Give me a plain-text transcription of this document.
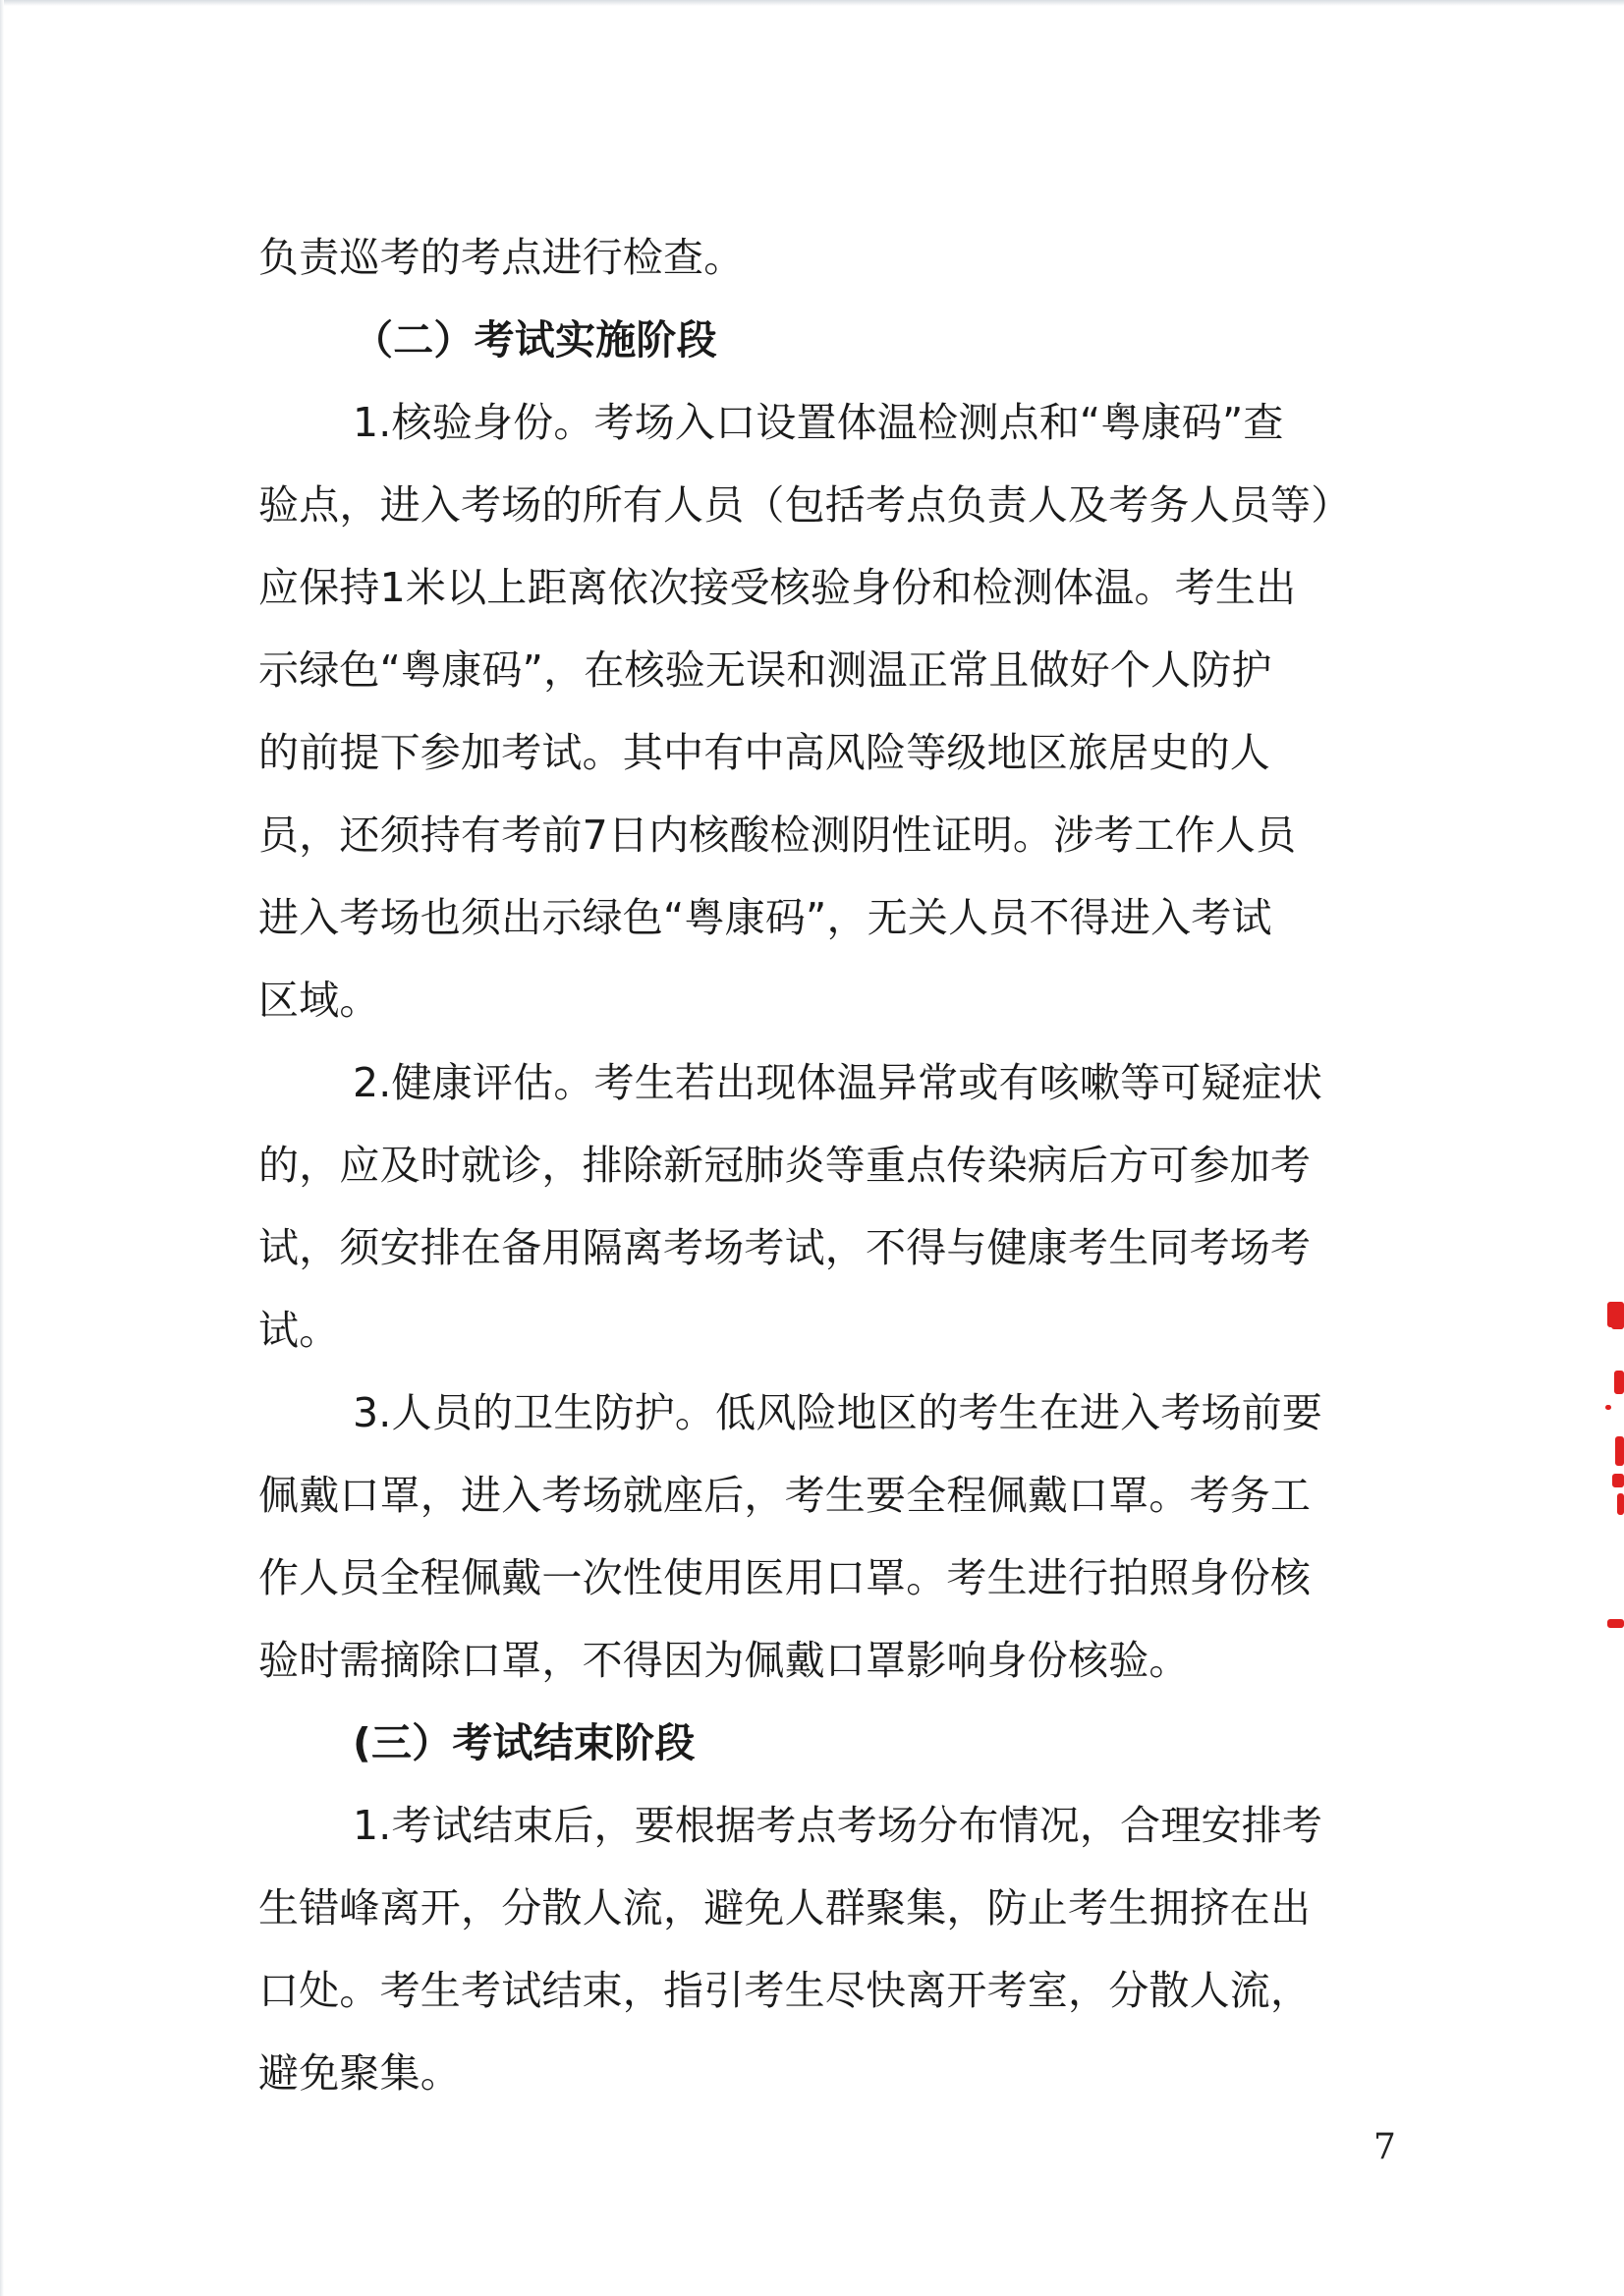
负责巡考的考点进行检查。
（二）考试实施阶段
1.核验身份。考场入口设置体温检测点和“粤康码”查
验点，进入考场的所有人员（包括考点负责人及考务人员等）
应保持1米以上距离依次接受核验身份和检测体温。考生出
示绿色“粤康码”，在核验无误和测温正常且做好个人防护
的前提下参加考试。其中有中高风险等级地区旅居史的人
员，还须持有考前7日内核酸检测阴性证明。涉考工作人员
进入考场也须出示绿色“粤康码”，无关人员不得进入考试
区域。
2.健康评估。考生若出现体温异常或有咳嗽等可疑症状
的，应及时就诊，排除新冠肺炎等重点传染病后方可参加考
试，须安排在备用隔离考场考试，不得与健康考生同考场考
试。
3.人员的卫生防护。低风险地区的考生在进入考场前要
佩戴口罩，进入考场就座后，考生要全程佩戴口罩。考务工
作人员全程佩戴一次性使用医用口罩。考生进行拍照身份核
验时需摘除口罩，不得因为佩戴口罩影响身份核验。
(三）考试结束阶段
1.考试结束后，要根据考点考场分布情况，合理安排考
生错峰离开，分散人流，避免人群聚集，防止考生拥挤在出
口处。考生考试结束，指引考生尽快离开考室，分散人流，
避免聚集。
7
